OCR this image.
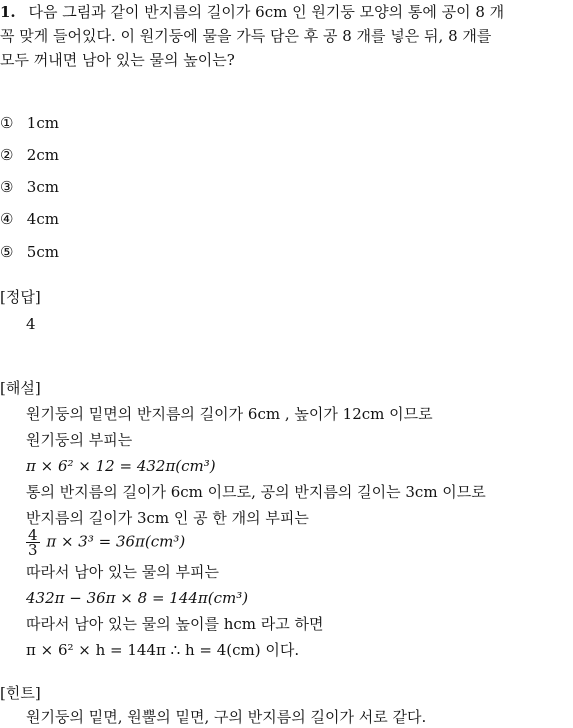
1. 다음 그림과 같이 반지름의 길이가 6cm 인 원기둥 모양의 통에 공이 8 개
꼭 맞게 들어있다. 이 원기둥에 물을 가득 담은 후 공 8 개를 넣은 뒤, 8 개를
모두 꺼내면 남아 있는 물의 높이는?
① 1cm
② 2cm
③ 3cm
④ 4cm
⑤ 5cm
[정답]
4
[해설]
원기둥의 밑면의 반지름의 길이가 6cm , 높이가 12cm 이므로
원기둥의 부피는
π × 6² × 12 = 432π(cm³)
통의 반지름의 길이가 6cm 이므로, 공의 반지름의 길이는 3cm 이므로
반지름의 길이가 3cm 인 공 한 개의 부피는
$\frac{4}{3}$ π × 3³ = 36π(cm³)
따라서 남아 있는 물의 부피는
432π − 36π × 8 = 144π(cm³)
따라서 남아 있는 물의 높이를 hcm 라고 하면
π × 6² × h = 144π ∴ h = 4(cm) 이다.
[힌트]
원기둥의 밑면, 원뿔의 밑면, 구의 반지름의 길이가 서로 같다.
